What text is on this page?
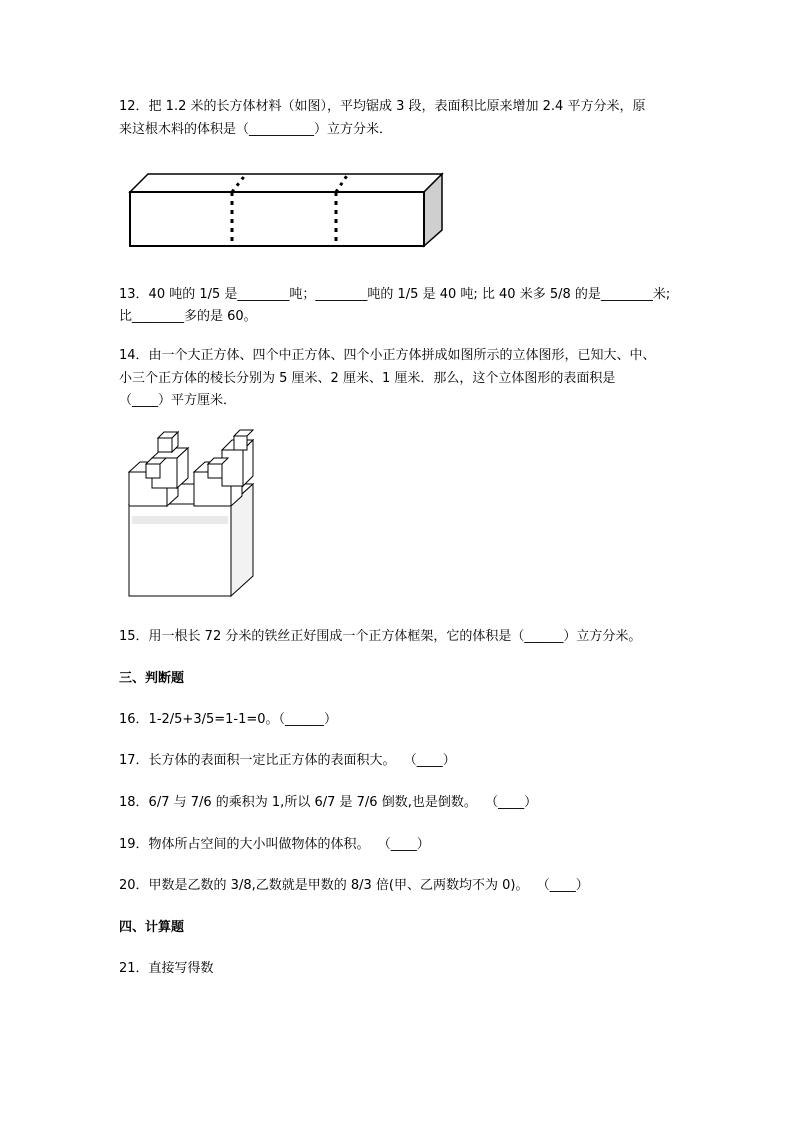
12．把 1.2 米的长方体材料（如图），平均锯成 3 段，表面积比原来增加 2.4 平方分米，原
来这根木料的体积是（__________）立方分米．
13．40 吨的 1/5 是________吨；________吨的 1/5 是 40 吨; 比 40 米多 5/8 的是________米;
比________多的是 60。
14．由一个大正方体、四个中正方体、四个小正方体拼成如图所示的立体图形，已知大、中、
小三个正方体的棱长分别为 5 厘米、2 厘米、1 厘米．那么，这个立体图形的表面积是
（____）平方厘米．
15．用一根长 72 分米的铁丝正好围成一个正方体框架，它的体积是（______）立方分米。
三、判断题
16．1-2/5+3/5=1-1=0。（______）
17．长方体的表面积一定比正方体的表面积大。  （____）
18．6/7 与 7/6 的乘积为 1,所以 6/7 是 7/6 倒数,也是倒数。  （____）
19．物体所占空间的大小叫做物体的体积。  （____）
20．甲数是乙数的 3/8,乙数就是甲数的 8/3 倍(甲、乙两数均不为 0)。  （____）
四、计算题
21．直接写得数
